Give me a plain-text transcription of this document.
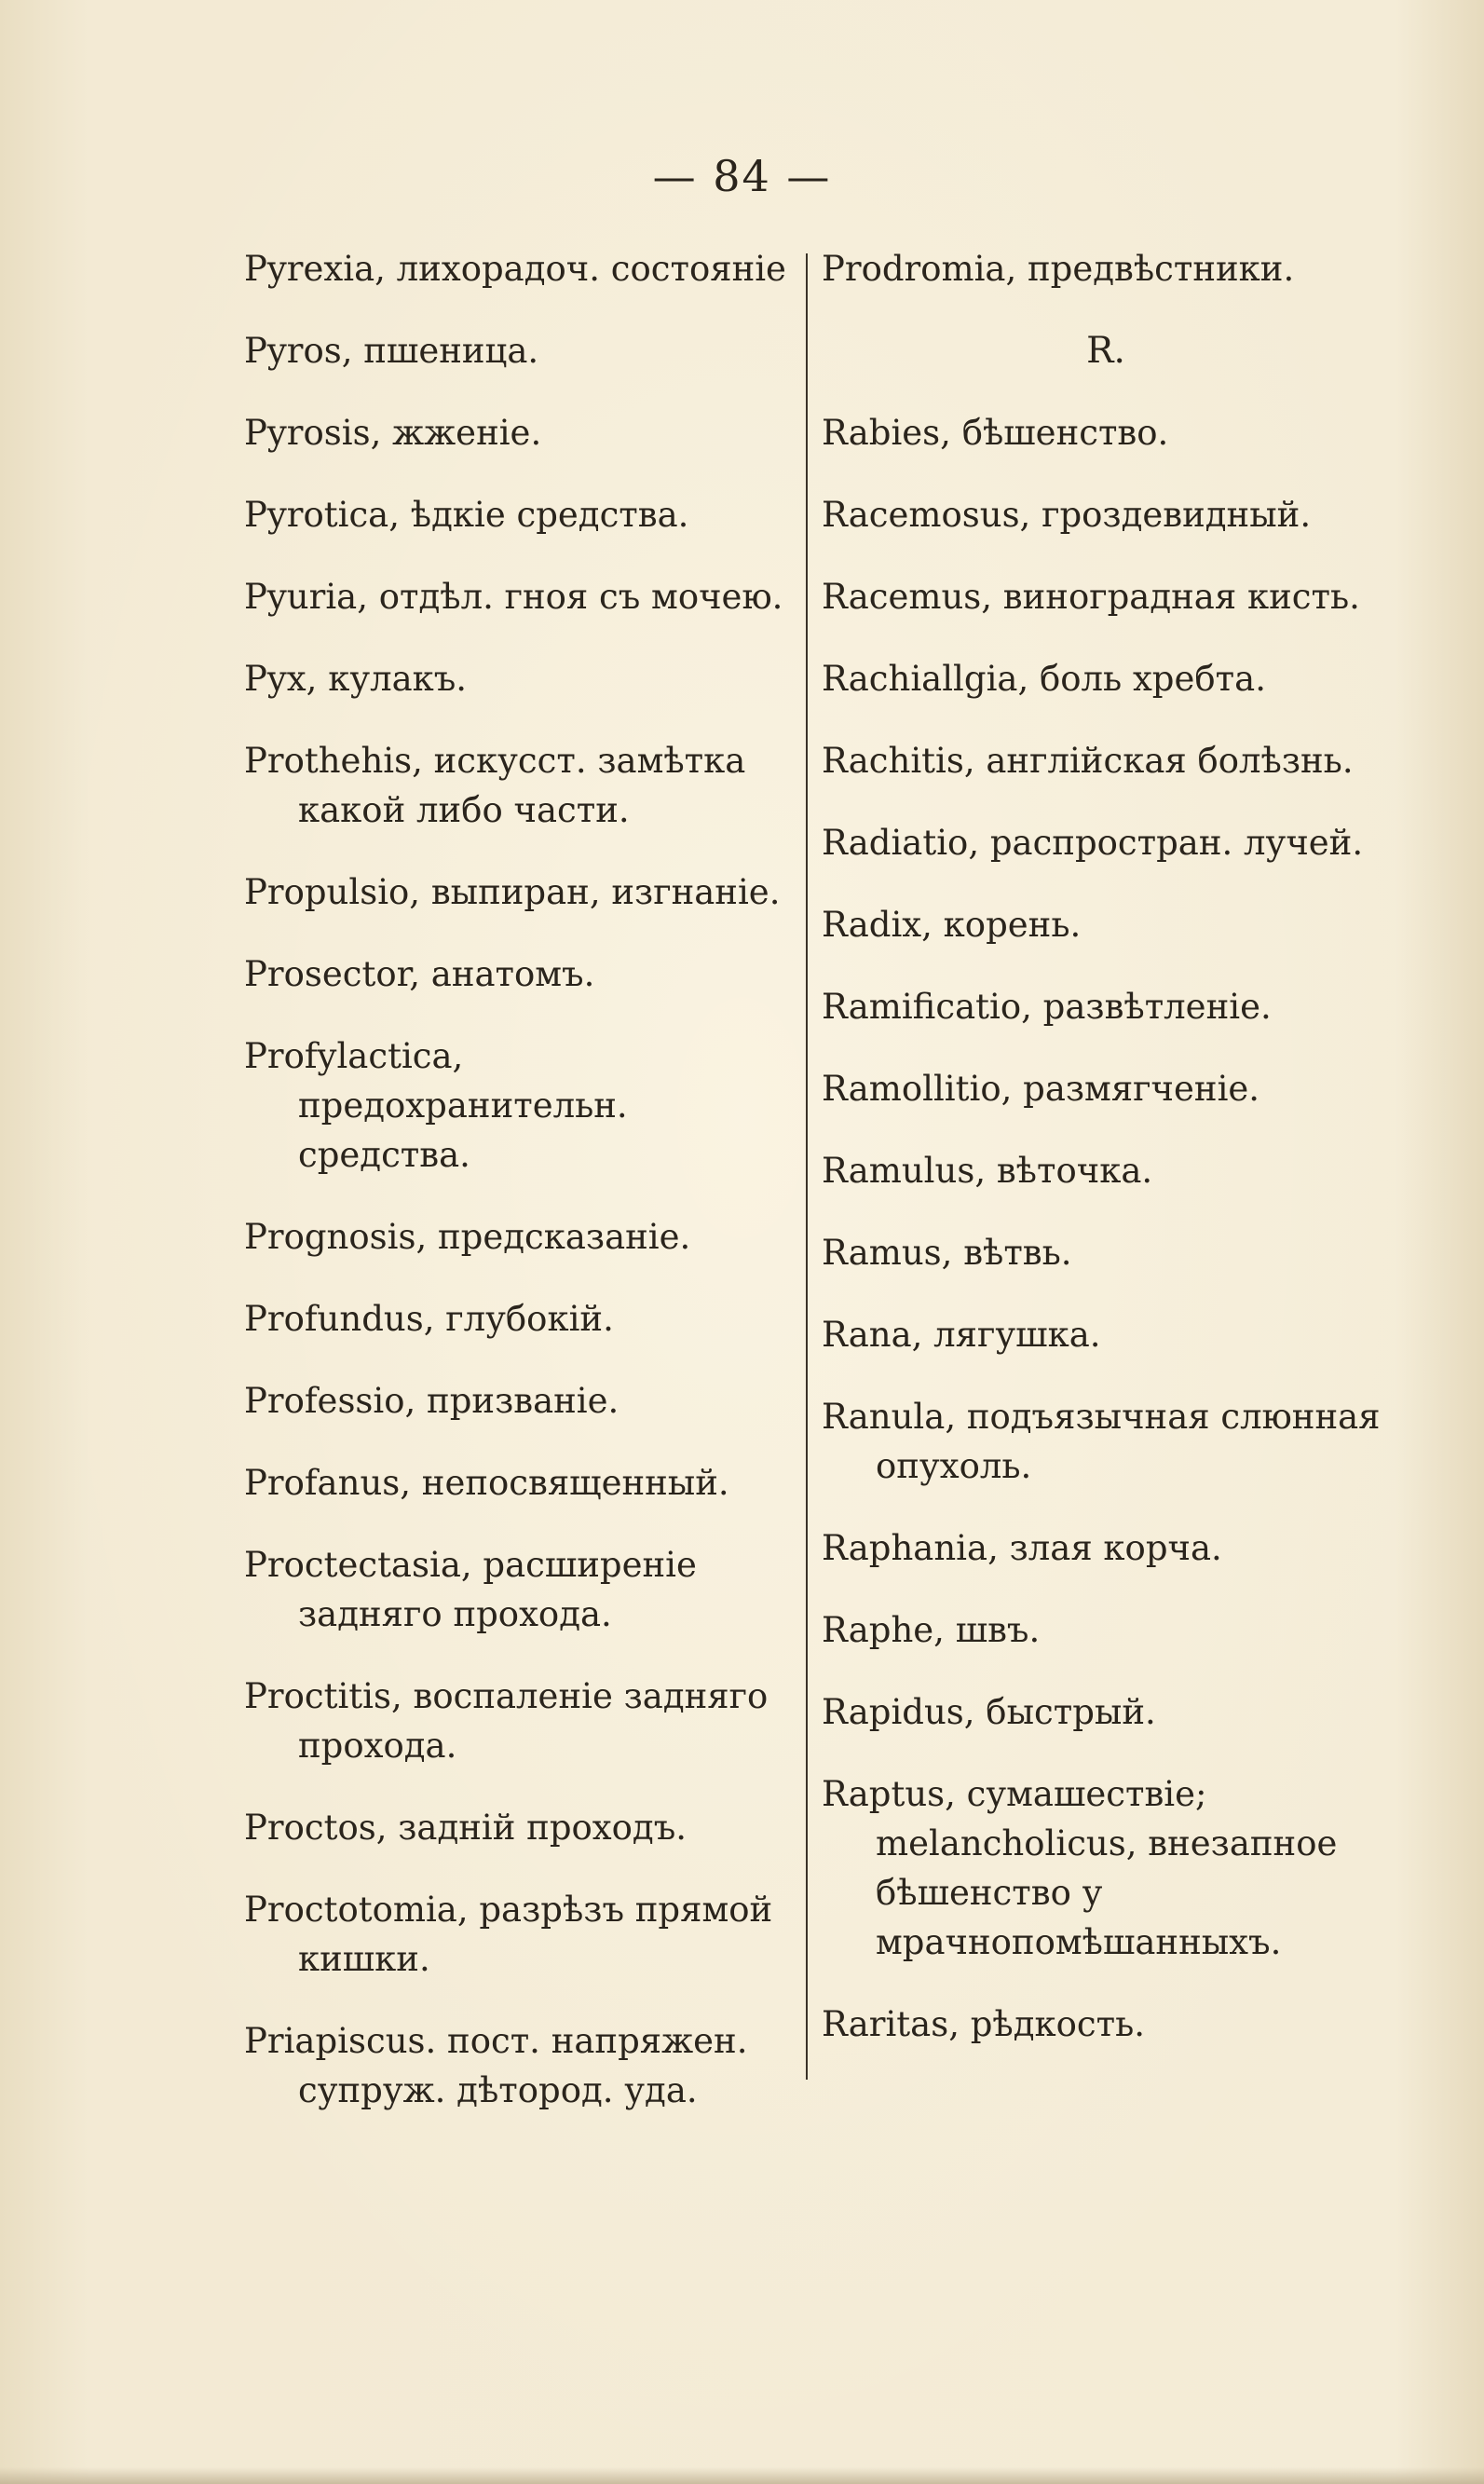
— 84 —
Pyrexia, лихорадоч. состоянiе
Pyros, пшеница.
Pyrosis, жженiе.
Pyrotica, ѣдкiе средства.
Pyuria, отдѣл. гноя съ мочею.
Pyx, кулакъ.
Prothehis, искусст. замѣтка какой либо части.
Propulsio, выпиран, изгнанiе.
Prosector, анатомъ.
Profylactica, предохранительн. средства.
Prognosis, предсказанiе.
Profundus, глубокiй.
Professio, призванiе.
Profanus, непосвященный.
Proctectasia, расширенiе задняго прохода.
Proctitis, воспаленiе задняго прохода.
Proctos, заднiй проходъ.
Proctotomia, разрѣзъ прямой кишки.
Priapiscus. пост. напряжен. супруж. дѣтород. уда.
Prodromia, предвѣстники.
R.
Rabies, бѣшенство.
Racemosus, гроздевидный.
Racemus, виноградная кисть.
Rachiallgia, боль хребта.
Rachitis, англiйская болѣзнь.
Radiatio, распростран. лучей.
Radix, корень.
Ramificatio, развѣтленiе.
Ramollitio, размягченiе.
Ramulus, вѣточка.
Ramus, вѣтвь.
Rana, лягушка.
Ranula, подъязычная слюнная опухоль.
Raphania, злая корча.
Raphe, швъ.
Rapidus, быстрый.
Raptus, сумашествiе; melancholicus, внезапное бѣшенство у мрачнопомѣшанныхъ.
Raritas, рѣдкость.
